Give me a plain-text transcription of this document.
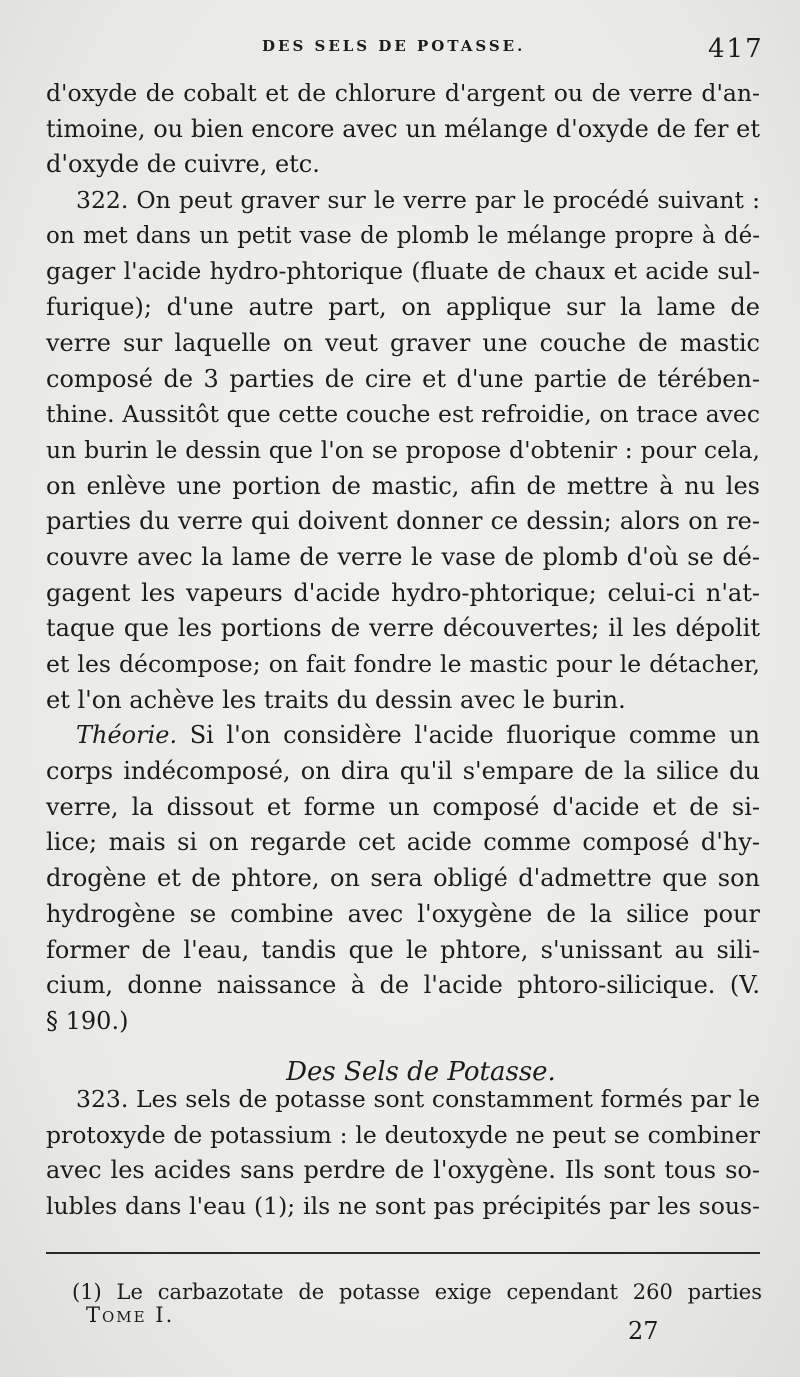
DES SELS DE POTASSE.	417
d'oxyde de cobalt et de chlorure d'argent ou de verre d'an-
timoine, ou bien encore avec un mélange d'oxyde de fer et
d'oxyde de cuivre, etc.
322. On peut graver sur le verre par le procédé suivant :
on met dans un petit vase de plomb le mélange propre à dé-
gager l'acide hydro-phtorique (fluate de chaux et acide sul-
furique); d'une autre part, on applique sur la lame de
verre sur laquelle on veut graver une couche de mastic
composé de 3 parties de cire et d'une partie de térében-
thine. Aussitôt que cette couche est refroidie, on trace avec
un burin le dessin que l'on se propose d'obtenir : pour cela,
on enlève une portion de mastic, afin de mettre à nu les
parties du verre qui doivent donner ce dessin; alors on re-
couvre avec la lame de verre le vase de plomb d'où se dé-
gagent les vapeurs d'acide hydro-phtorique; celui-ci n'at-
taque que les portions de verre découvertes; il les dépolit
et les décompose; on fait fondre le mastic pour le détacher,
et l'on achève les traits du dessin avec le burin.
Théorie. Si l'on considère l'acide fluorique comme un
corps indécomposé, on dira qu'il s'empare de la silice du
verre, la dissout et forme un composé d'acide et de si-
lice; mais si on regarde cet acide comme composé d'hy-
drogène et de phtore, on sera obligé d'admettre que son
hydrogène se combine avec l'oxygène de la silice pour
former de l'eau, tandis que le phtore, s'unissant au sili-
cium, donne naissance à de l'acide phtoro-silicique. (V.
§ 190.)
Des Sels de Potasse.
323. Les sels de potasse sont constamment formés par le
protoxyde de potassium : le deutoxyde ne peut se combiner
avec les acides sans perdre de l'oxygène. Ils sont tous so-
lubles dans l'eau (1); ils ne sont pas précipités par les sous-
(1) Le carbazotate de potasse exige cependant 260 parties
Tome I.
27
